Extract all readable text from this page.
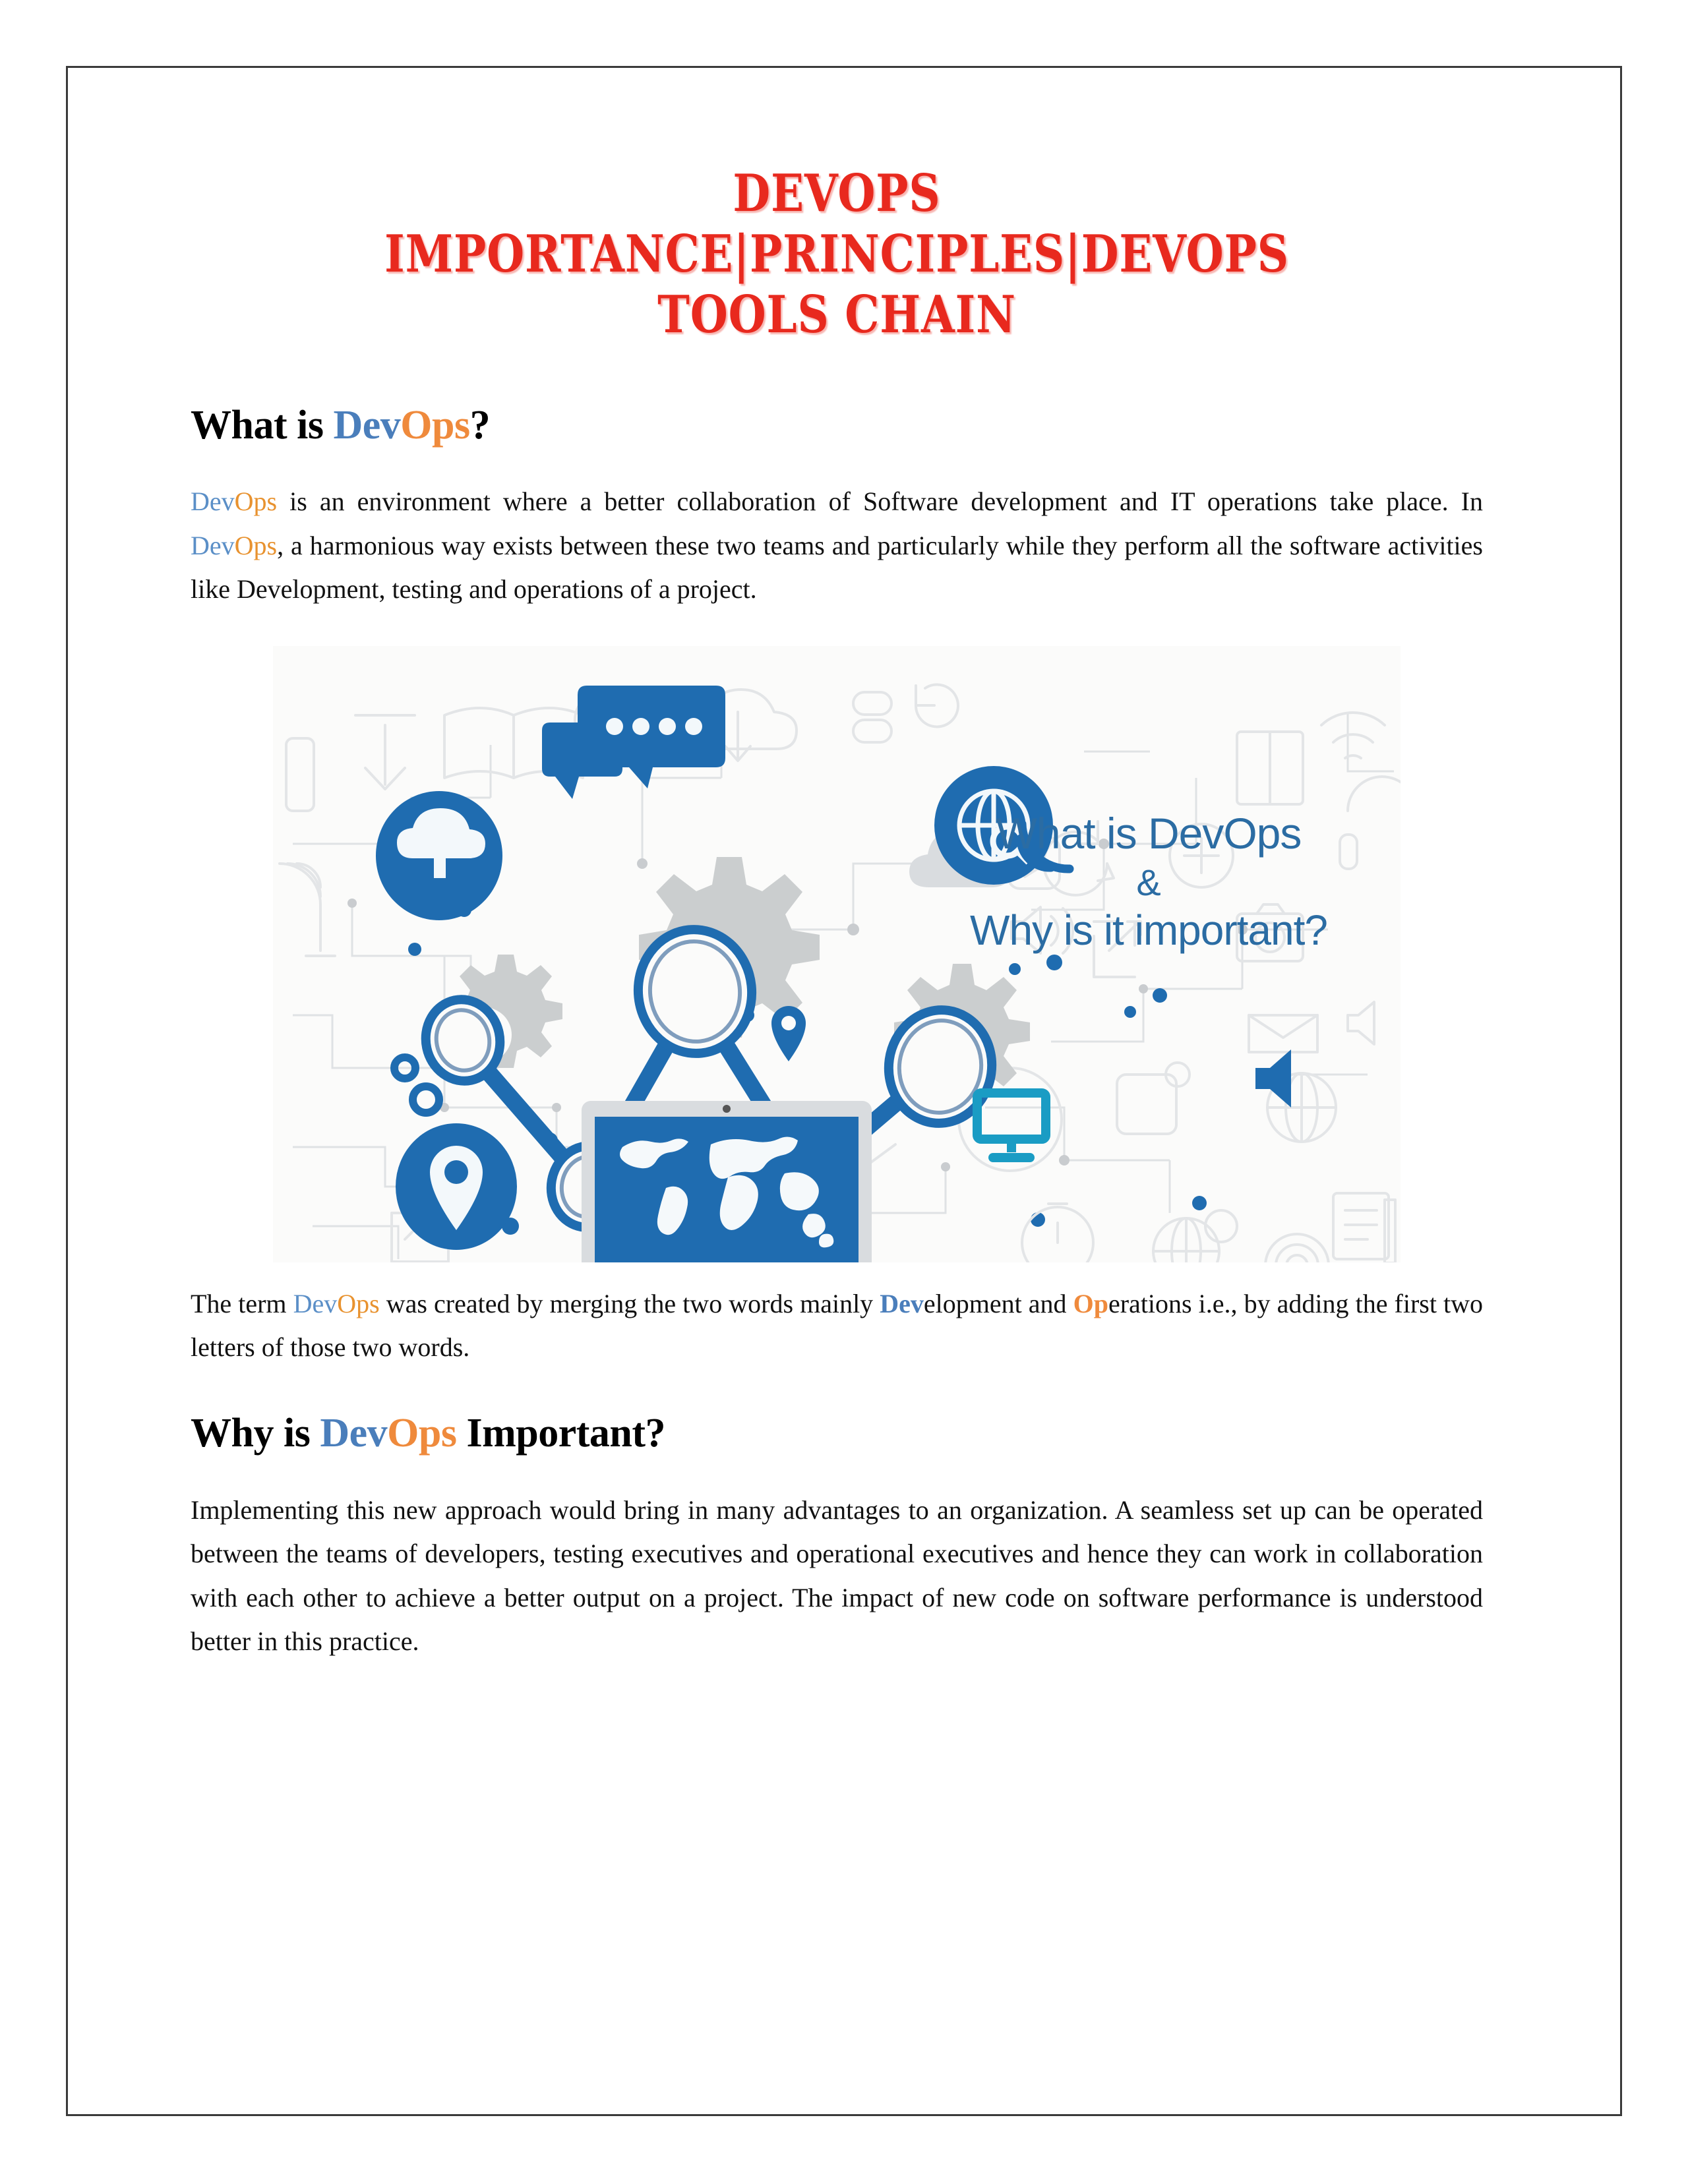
DEVOPS IMPORTANCE|PRINCIPLES|DEVOPS
TOOLS CHAIN
What is DevOps?

DevOps is an environment where a better collaboration of Software development and IT operations take place. In DevOps, a harmonious way exists between these two teams and particularly while they perform all the software activities like Development, testing and operations of a project.

What is DevOps
&
Why is it important?

The term DevOps was created by merging the two words mainly Development and Operations i.e., by adding the first two letters of those two words.

Why is DevOps Important?

Implementing this new approach would bring in many advantages to an organization. A seamless set up can be operated between the teams of developers, testing executives and operational executives and hence they can work in collaboration with each other to achieve a better output on a project. The impact of new code on software performance is understood better in this practice.
